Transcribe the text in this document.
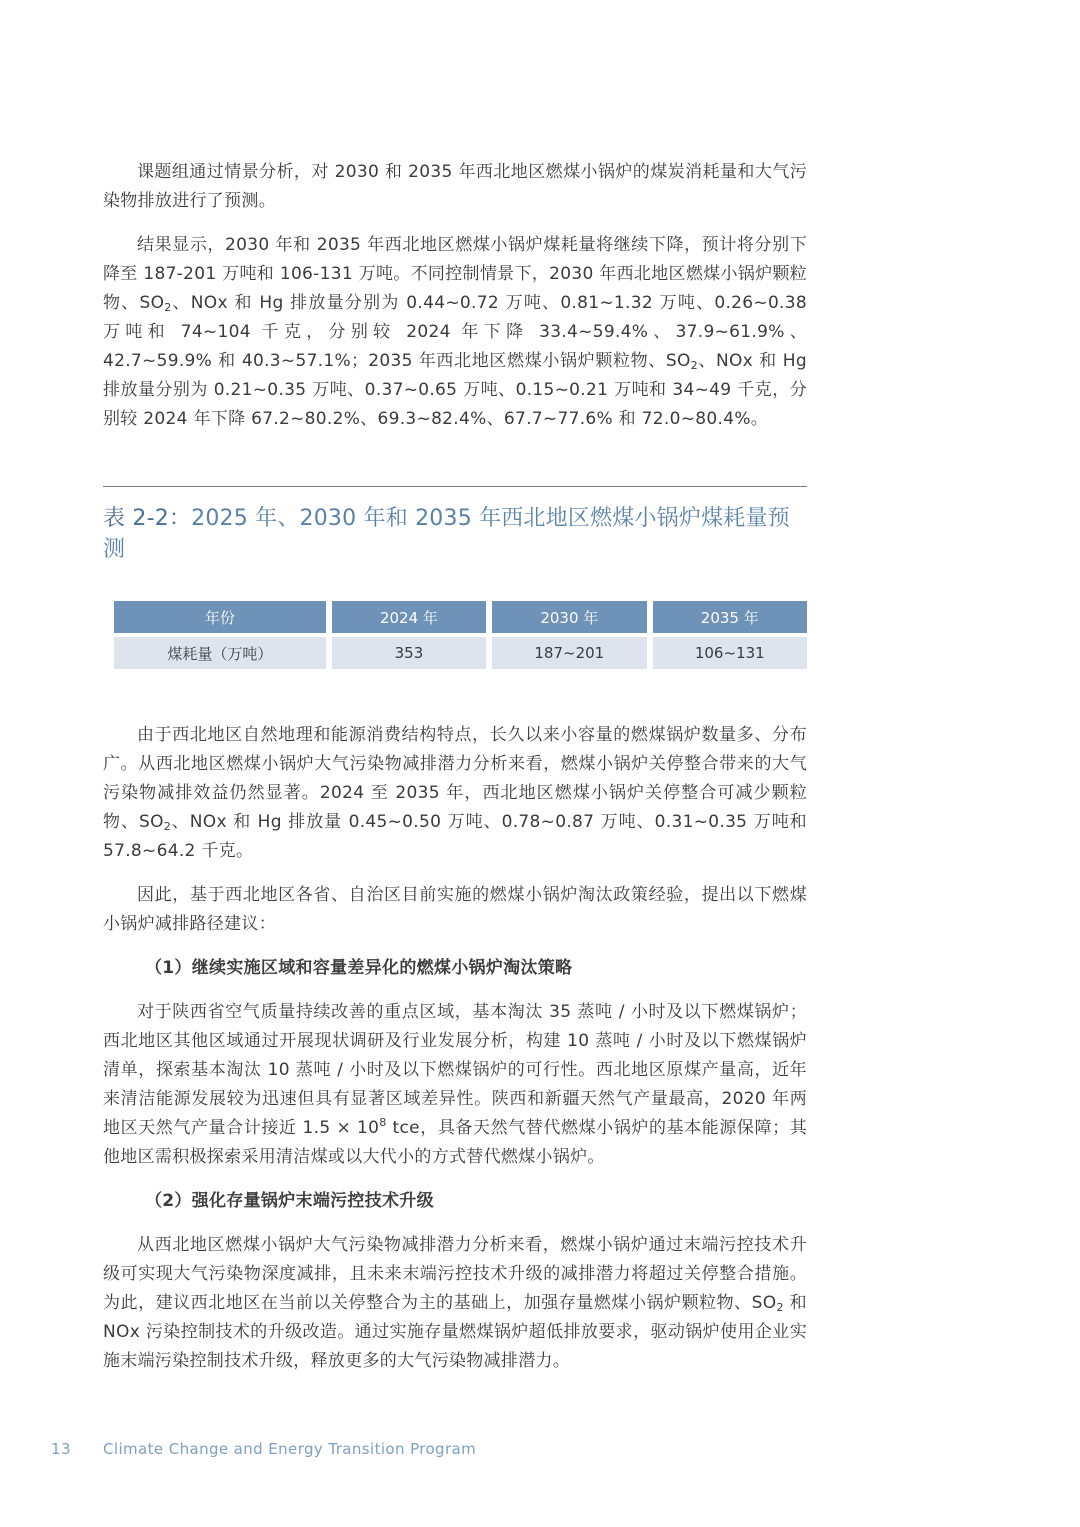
课题组通过情景分析，对 2030 和 2035 年西北地区燃煤小锅炉的煤炭消耗量和大气污染物排放进行了预测。

结果显示，2030 年和 2035 年西北地区燃煤小锅炉煤耗量将继续下降，预计将分别下降至 187-201 万吨和 106-131 万吨。不同控制情景下，2030 年西北地区燃煤小锅炉颗粒物、$SO_2$、NOx 和 Hg 排放量分别为 0.44~0.72 万吨、0.81~1.32 万吨、0.26~0.38 万吨和 74~104 千克，分别较 2024 年下降 33.4~59.4%、37.9~61.9%、42.7~59.9% 和 40.3~57.1%；2035 年西北地区燃煤小锅炉颗粒物、$SO_2$、NOx 和 Hg 排放量分别为 0.21~0.35 万吨、0.37~0.65 万吨、0.15~0.21 万吨和 34~49 千克，分别较 2024 年下降 67.2~80.2%、69.3~82.4%、67.7~77.6% 和 72.0~80.4%。

表 2-2：2025 年、2030 年和 2035 年西北地区燃煤小锅炉煤耗量预测
年份	2024 年	2030 年	2035 年
煤耗量（万吨）	353	187~201	106~131

由于西北地区自然地理和能源消费结构特点，长久以来小容量的燃煤锅炉数量多、分布广。从西北地区燃煤小锅炉大气污染物减排潜力分析来看，燃煤小锅炉关停整合带来的大气污染物减排效益仍然显著。2024 至 2035 年，西北地区燃煤小锅炉关停整合可减少颗粒物、$SO_2$、NOx 和 Hg 排放量 0.45~0.50 万吨、0.78~0.87 万吨、0.31~0.35 万吨和 57.8~64.2 千克。

因此，基于西北地区各省、自治区目前实施的燃煤小锅炉淘汰政策经验，提出以下燃煤小锅炉减排路径建议：

（1）继续实施区域和容量差异化的燃煤小锅炉淘汰策略

对于陕西省空气质量持续改善的重点区域，基本淘汰 35 蒸吨 / 小时及以下燃煤锅炉；西北地区其他区域通过开展现状调研及行业发展分析，构建 10 蒸吨 / 小时及以下燃煤锅炉清单，探索基本淘汰 10 蒸吨 / 小时及以下燃煤锅炉的可行性。西北地区原煤产量高，近年来清洁能源发展较为迅速但具有显著区域差异性。陕西和新疆天然气产量最高，2020 年两地区天然气产量合计接近 $1.5 \times 10^8$ tce，具备天然气替代燃煤小锅炉的基本能源保障；其他地区需积极探索采用清洁煤或以大代小的方式替代燃煤小锅炉。

（2）强化存量锅炉末端污控技术升级

从西北地区燃煤小锅炉大气污染物减排潜力分析来看，燃煤小锅炉通过末端污控技术升级可实现大气污染物深度减排，且未来末端污控技术升级的减排潜力将超过关停整合措施。为此，建议西北地区在当前以关停整合为主的基础上，加强存量燃煤小锅炉颗粒物、$SO_2$ 和 NOx 污染控制技术的升级改造。通过实施存量燃煤锅炉超低排放要求，驱动锅炉使用企业实施末端污染控制技术升级，释放更多的大气污染物减排潜力。

13 Climate Change and Energy Transition Program
